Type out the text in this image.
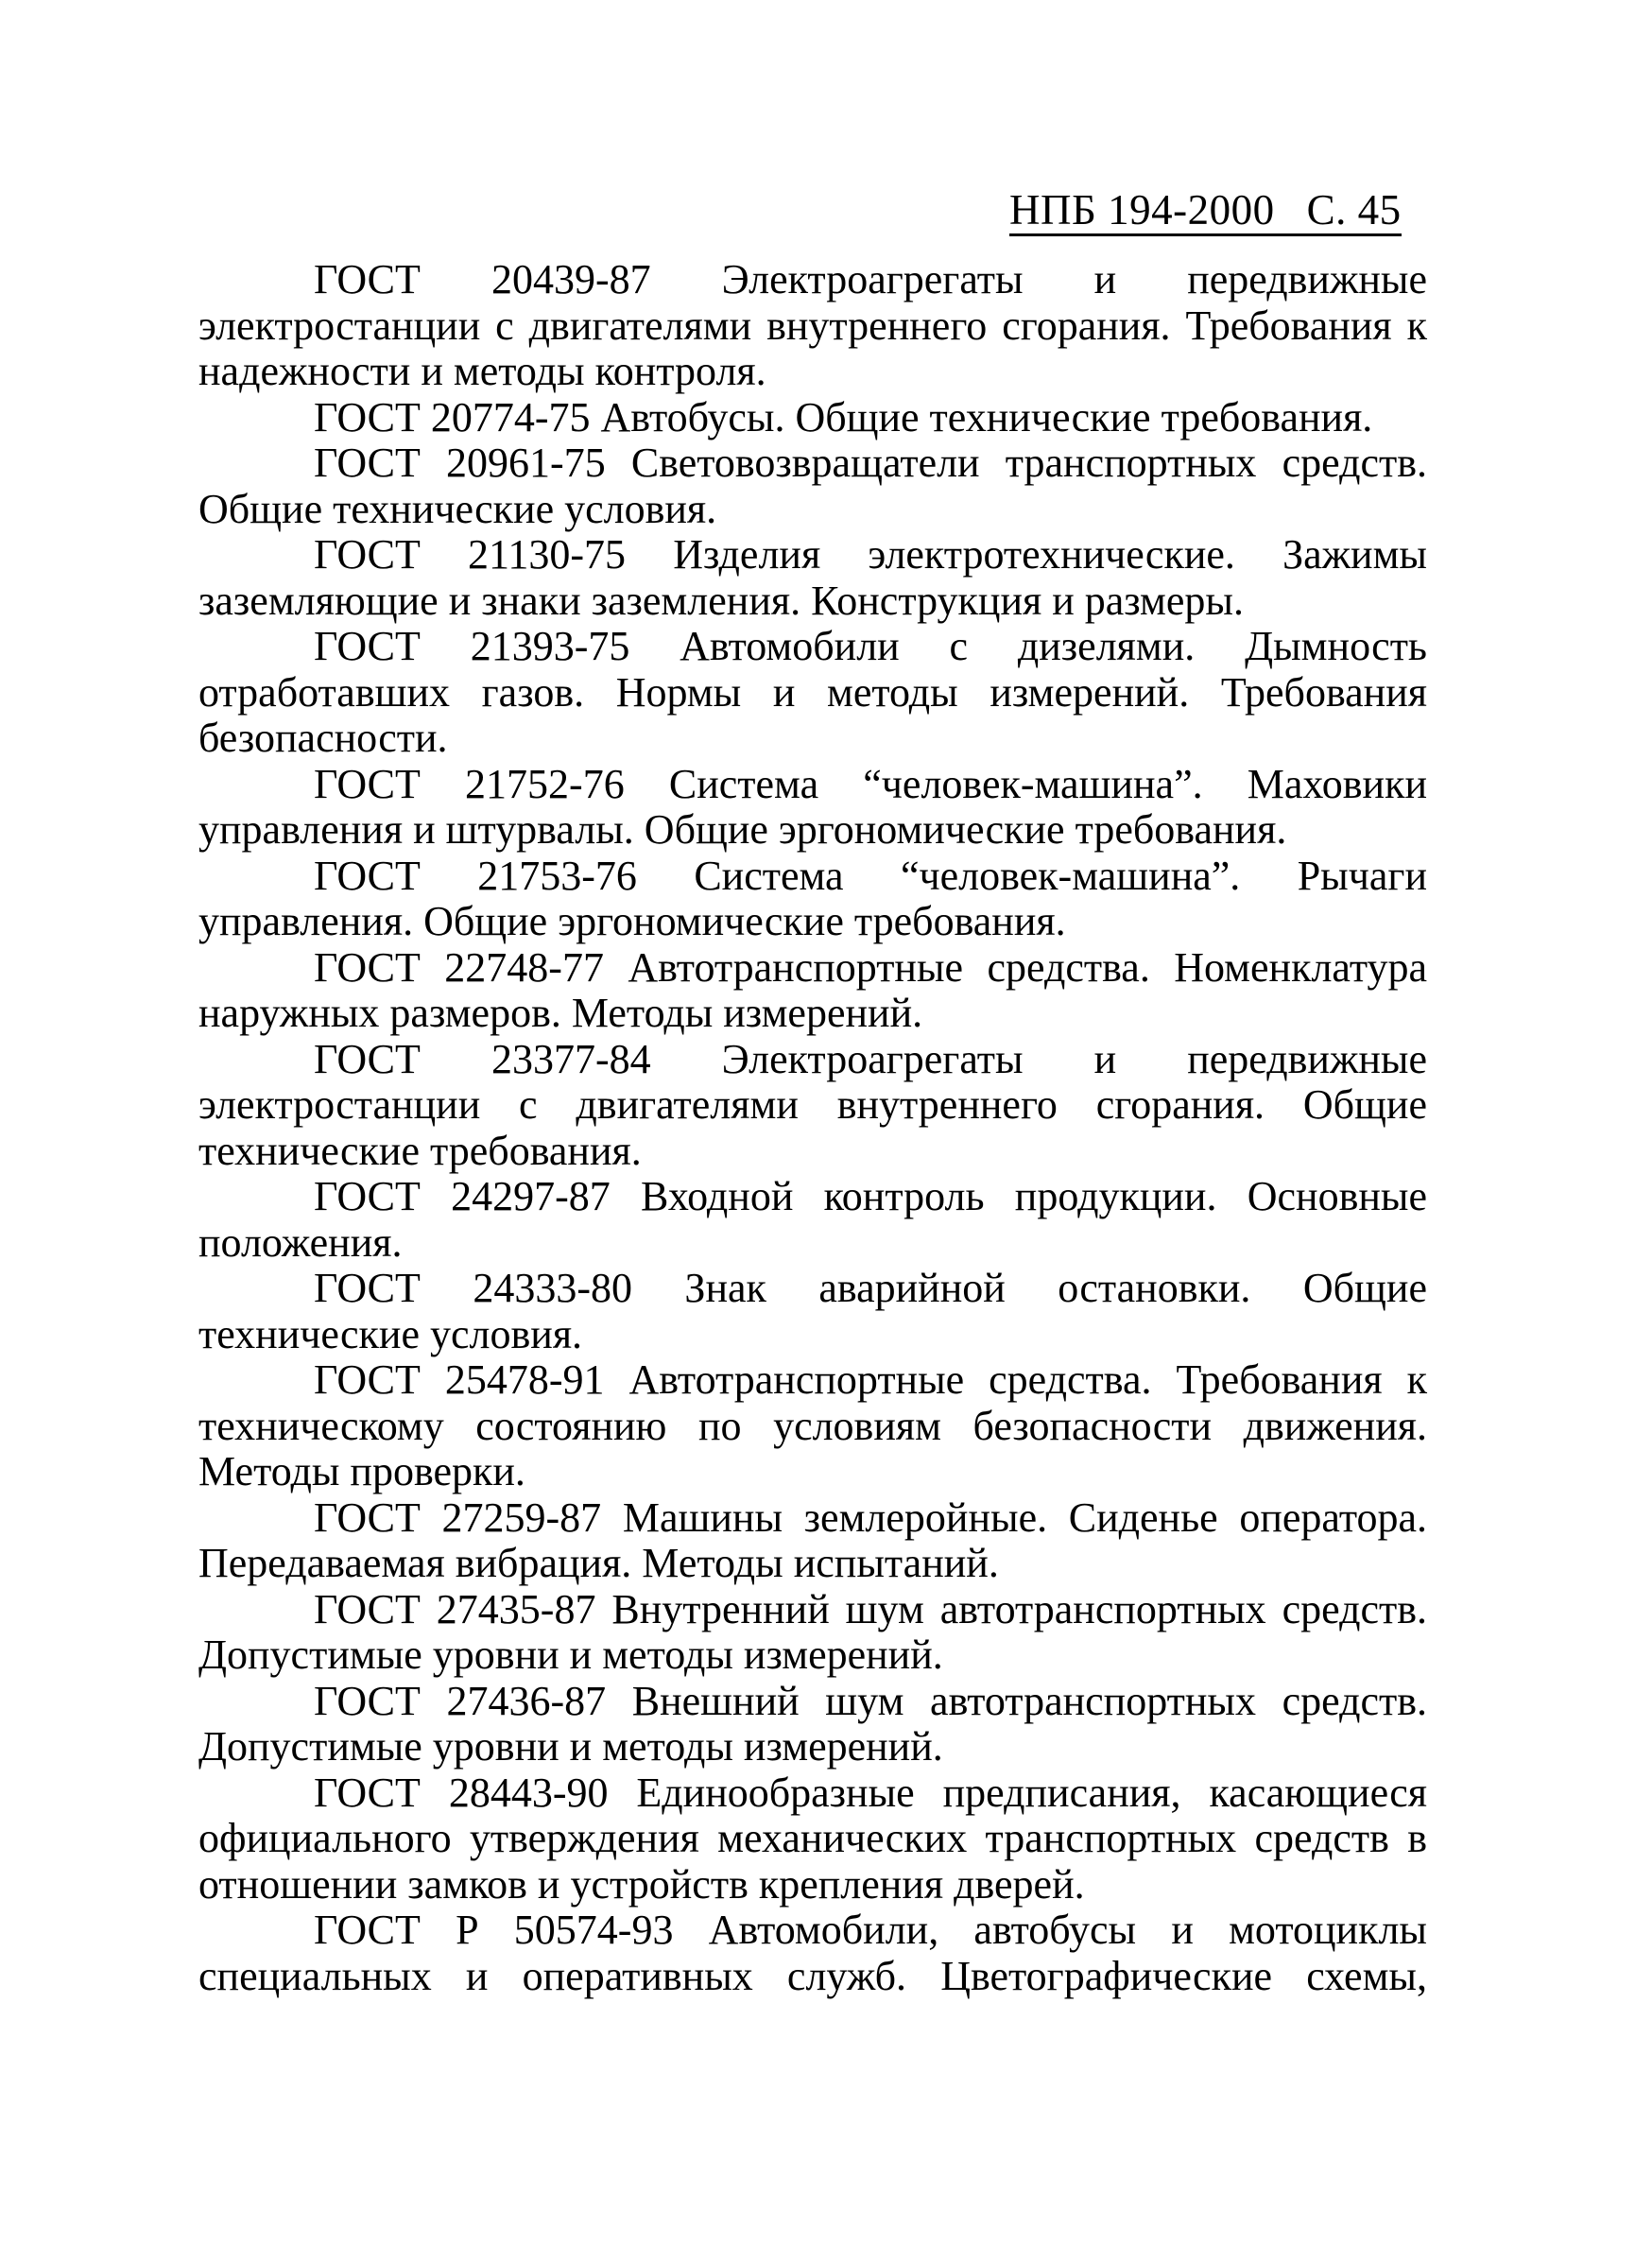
НПБ 194-2000 С. 45

ГОСТ 20439-87 Электроагрегаты и передвижные электростанции с двигателями внутреннего сгорания. Требования к надежности и методы контроля.

ГОСТ 20774-75 Автобусы. Общие технические требования.

ГОСТ 20961-75 Световозвращатели транспортных средств. Общие технические условия.

ГОСТ 21130-75 Изделия электротехнические. Зажимы заземляющие и знаки заземления. Конструкция и размеры.

ГОСТ 21393-75 Автомобили с дизелями. Дымность отработавших газов. Нормы и методы измерений. Требования безопасности.

ГОСТ 21752-76 Система “человек-машина”. Маховики управления и штурвалы. Общие эргономические требования.

ГОСТ 21753-76 Система “человек-машина”. Рычаги управления. Общие эргономические требования.

ГОСТ 22748-77 Автотранспортные средства. Номенклатура наружных размеров. Методы измерений.

ГОСТ 23377-84 Электроагрегаты и передвижные электростанции с двигателями внутреннего сгорания. Общие технические требования.

ГОСТ 24297-87 Входной контроль продукции. Основные положения.

ГОСТ 24333-80 Знак аварийной остановки. Общие технические условия.

ГОСТ 25478-91 Автотранспортные средства. Требования к техническому состоянию по условиям безопасности движения. Методы проверки.

ГОСТ 27259-87 Машины землеройные. Сиденье оператора. Передаваемая вибрация. Методы испытаний.

ГОСТ 27435-87 Внутренний шум автотранспортных средств. Допустимые уровни и методы измерений.

ГОСТ 27436-87 Внешний шум автотранспортных средств. Допустимые уровни и методы измерений.

ГОСТ 28443-90 Единообразные предписания, касающиеся официального утверждения механических транспортных средств в отношении замков и устройств крепления дверей.

ГОСТ Р 50574-93 Автомобили, автобусы и мотоциклы специальных и оперативных служб. Цветографические схемы,
